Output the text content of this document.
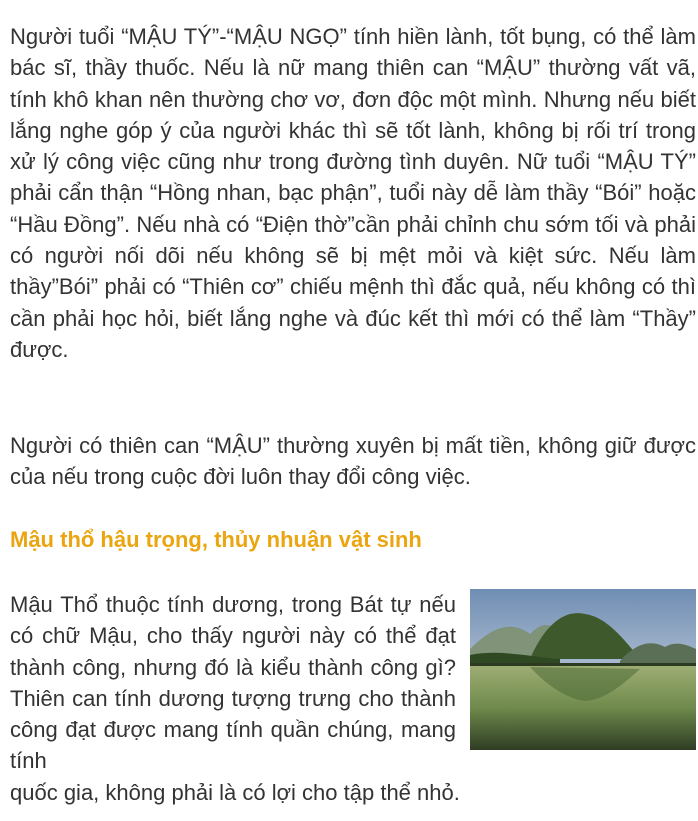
Người tuổi “MẬU TÝ”-“MẬU NGỌ” tính hiền lành, tốt bụng, có thể làm bác sĩ, thầy thuốc. Nếu là nữ mang thiên can “MẬU” thường vất vã, tính khô khan nên thường chơ vơ, đơn độc một mình. Nhưng nếu biết lắng nghe góp ý của người khác thì sẽ tốt lành, không bị rối trí trong xử lý công việc cũng như trong đường tình duyên. Nữ tuổi “MẬU TÝ” phải cẩn thận “Hồng nhan, bạc phận”, tuổi này dễ làm thầy “Bói” hoặc “Hầu Đồng”. Nếu nhà có “Điện thờ”cần phải chỉnh chu sớm tối và phải có người nối dõi nếu không sẽ bị mệt mỏi và kiệt sức. Nếu làm thầy”Bói” phải có “Thiên cơ” chiếu mệnh thì đắc quả, nếu không có thì cần phải học hỏi, biết lắng nghe và đúc kết thì mới có thể làm “Thầy” được.

Người có thiên can “MẬU” thường xuyên bị mất tiền, không giữ được của nếu trong cuộc đời luôn thay đổi công việc.

Mậu thổ hậu trọng, thủy nhuận vật sinh

Mậu Thổ thuộc tính dương, trong Bát tự nếu có chữ Mậu, cho thấy người này có thể đạt thành công, nhưng đó là kiểu thành công gì? Thiên can tính dương tượng trưng cho thành công đạt được mang tính quần chúng, mang tính

quốc gia, không phải là có lợi cho tập thể nhỏ.
